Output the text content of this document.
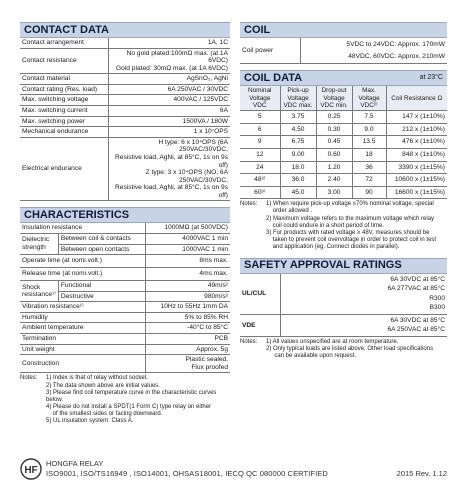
CONTACT DATA
Contact arrangement	1A, 1C

Contact resistance	No gold plated:100mΩ max. (at 1A 6VDC)
Gold plated: 30mΩ max. (at 1A 6VDC)

Contact material	AgSnO₂, AgNi

Contact rating (Res. load)	6A 250VAC / 30VDC

Max. switching voltage	400VAC / 125VDC

Max. switching current	6A

Max. switching power	1500VA / 180W

Mechanical endurance	1 x 10⁷OPS

Electrical endurance	H type: 6 x 10⁴OPS (6A 250VAC/30VDC,
Resistive load, AgNi, at 85°C, 1s on 9s off)
Z type: 3 x 10⁴OPS (NO, 6A 250VAC/30VDC,
Resistive load, AgNi, at 85°C, 1s on 9s off)
CHARACTERISTICS
Insulation resistance		1000MΩ (at 500VDC)
Dielectric strength	Between coil & contacts	4000VAC 1 min
	Between open contacts	1000VAC 1 min
Operate time (at nomi.volt.)		8ms max.
Release time (at nomi.volt.)		4ms max.
Shock resistance¹⁾	Functional	49m/s²
	Destructive	980m/s²
Vibration resistance¹⁾		10Hz to 55Hz 1mm DA
Humidity		5% to 85% RH
Ambient temperature		-40°C to 85°C
Termination		PCB
Unit weight		Approx. 5g
Construction		Plastic sealed,
Flux proofed
Notes:	1) Index is that of relay without socket.
2) The data shown above are initial values.
3) Please find coil temperature curve in the characteristic curves below.
4) Please do not install a SPDT(1 Form C) type relay on either
of the smallest sides or facing downward.
5) UL insulation system: Class A.
COIL
Coil power	
5VDC to 24VDC: Approx. 170mW
48VDC, 60VDC: Approx. 210mW
COIL DATA	at 23°C
Nominal Voltage VDC	Pick-up Voltage VDC max.	Drop-out Voltage VDC min.	Max. Voltage VDC²⁾	Coil Resistance Ω
5	3.75	0.25	7.5	147 x (1±10%)
6	4.50	0.30	9.0	212 x (1±10%)
9	6.75	0.45	13.5	476 x (1±10%)
12	9.00	0.60	18	848 x (1±10%)
24	18.0	1.20	36	3390 x (1±15%)
48³⁾	36.0	2.40	72	10600 x (1±15%)
60³⁾	45.0	3.00	90	16600 x (1±15%)
Notes:	1) When require pick-up voltage ≤70% nominal voltage, special
order allowed .
2) Maximum voltage refers to the maximum voltage which relay
coil could endure in a short period of time.
3) For products with rated voltage ≥ 48V, measures should be
taken to prevent coil overvoltage in order to protect coil in test
and application (eg. Connect diodes in parallel).
SAFETY APPROVAL RATINGS
UL/CUL	6A 30VDC at 85°C
6A 277VAC at 85°C
R300
B300

VDE	6A 30VDC at 85°C
6A 250VAC at 85°C
Notes:	1) All values unspecified are at room temperature.
2) Only typical loads are listed above. Other load specifications
can be available upon request.
HF
HONGFA RELAY
ISO9001, ISO/TS16949 , ISO14001, OHSAS18001, IECQ QC 080000 CERTIFIED	2015 Rev. 1.12
